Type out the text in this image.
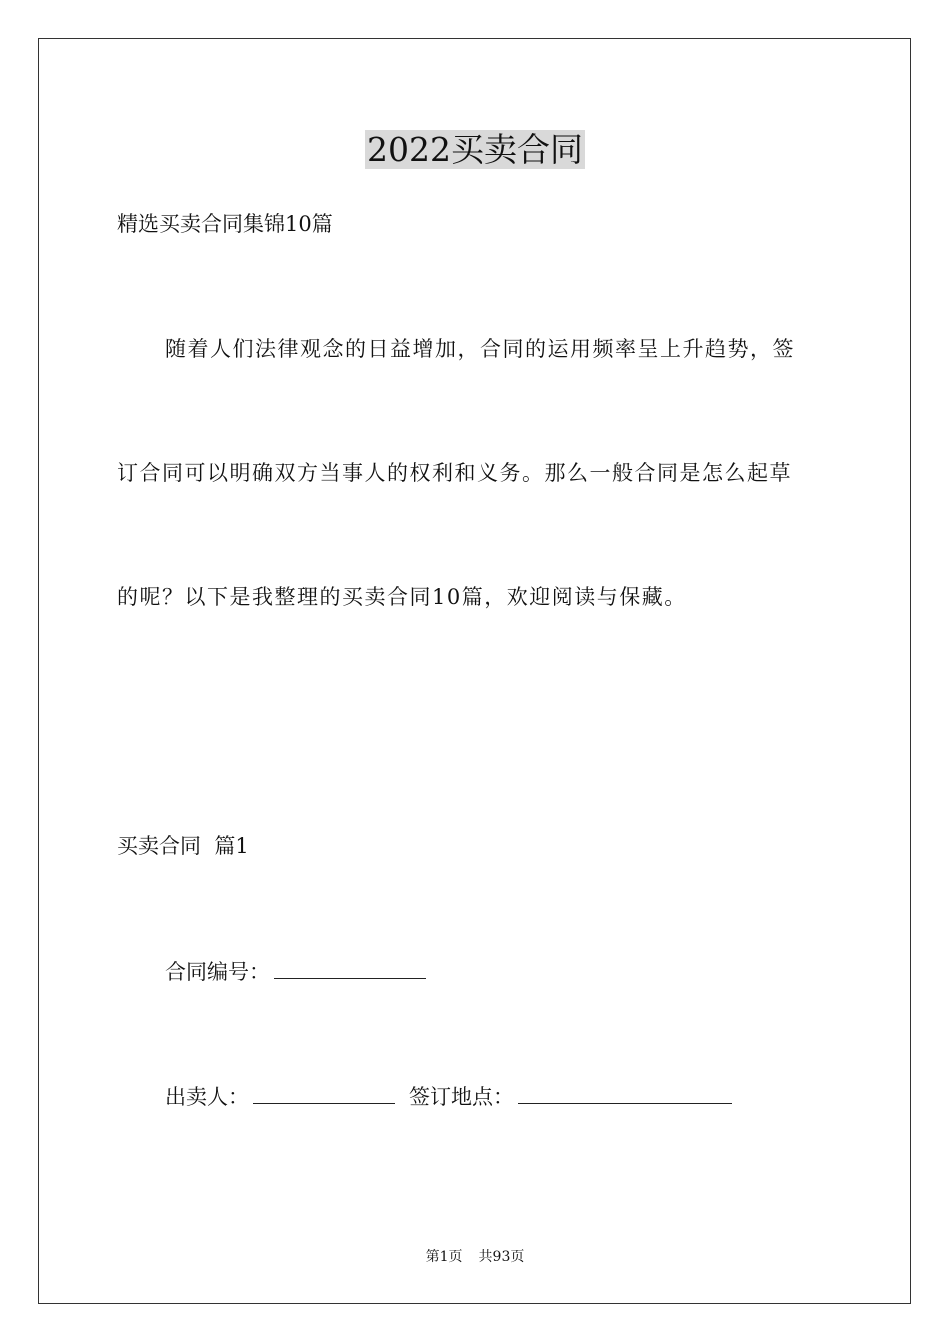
2022买卖合同
精选买卖合同集锦10篇
随着人们法律观念的日益增加，合同的运用频率呈上升趋势，签
订合同可以明确双方当事人的权利和义务。那么一般合同是怎么起草
的呢？以下是我整理的买卖合同10篇，欢迎阅读与保藏。
买卖合同  篇1
合同编号：
出卖人：	签订地点：
第1页 共93页
